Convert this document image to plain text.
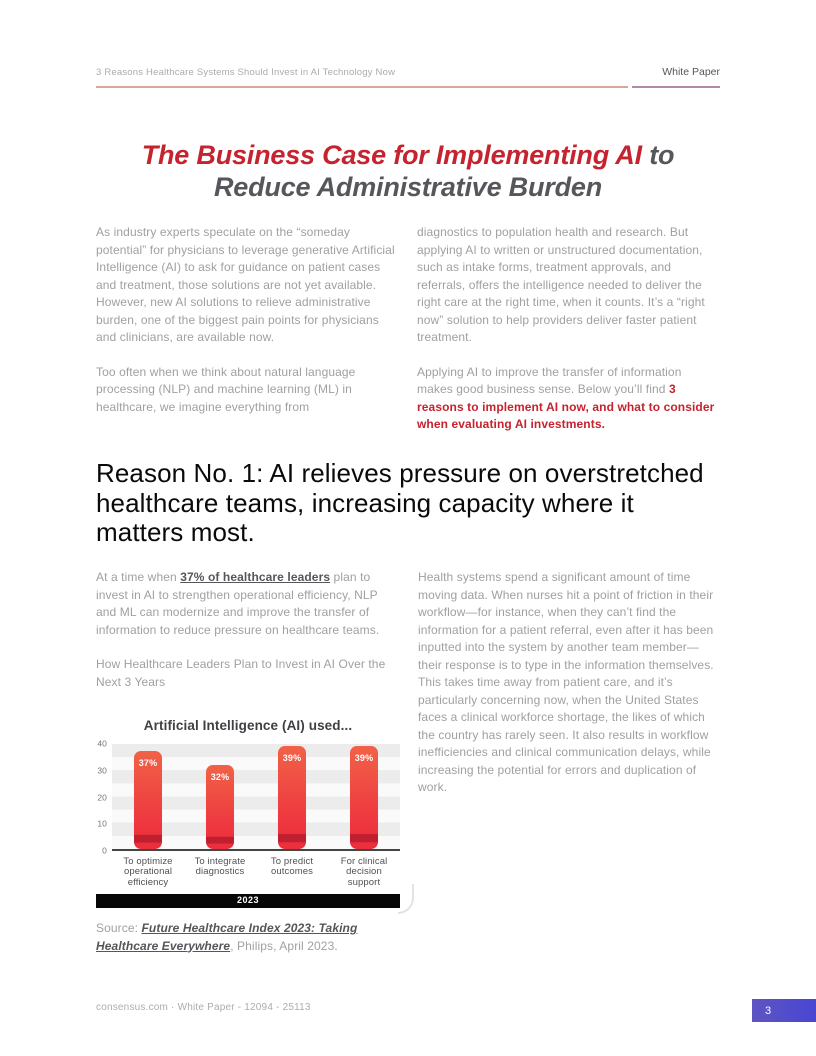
3 Reasons Healthcare Systems Should Invest in AI Technology Now	White Paper
The Business Case for Implementing AI to
Reduce Administrative Burden

As industry experts speculate on the “someday potential” for physicians to leverage generative Artificial Intelligence (AI) to ask for guidance on patient cases and treatment, those solutions are not yet available. However, new AI solutions to relieve administrative burden, one of the biggest pain points for physicians and clinicians, are available now.

Too often when we think about natural language processing (NLP) and machine learning (ML) in healthcare, we imagine everything from

diagnostics to population health and research. But applying AI to written or unstructured documentation, such as intake forms, treatment approvals, and referrals, offers the intelligence needed to deliver the right care at the right time, when it counts. It’s a “right now” solution to help providers deliver faster patient treatment.

Applying AI to improve the transfer of information makes good business sense. Below you’ll find 3 reasons to implement AI now, and what to consider when evaluating AI investments.

Reason No. 1: AI relieves pressure on overstretched healthcare teams, increasing capacity where it matters most.

At a time when 37% of healthcare leaders plan to invest in AI to strengthen operational efficiency, NLP and ML can modernize and improve the transfer of information to reduce pressure on healthcare teams.

How Healthcare Leaders Plan to Invest in AI Over the Next 3 Years

Artificial Intelligence (AI) used...
0
10
20
30
40
37%
32%
39%	39%
To optimize operational efficiency
To integrate diagnostics
To predict outcomes
For clinical decision support
2023

Source: Future Healthcare Index 2023: Taking Healthcare Everywhere, Philips, April 2023.

Health systems spend a significant amount of time moving data. When nurses hit a point of friction in their workflow—for instance, when they can’t find the information for a patient referral, even after it has been inputted into the system by another team member—their response is to type in the information themselves. This takes time away from patient care, and it’s particularly concerning now, when the United States faces a clinical workforce shortage, the likes of which the country has rarely seen. It also results in workflow inefficiencies and clinical communication delays, while increasing the potential for errors and duplication of work.

consensus.com · White Paper - 12094 - 25113	3
